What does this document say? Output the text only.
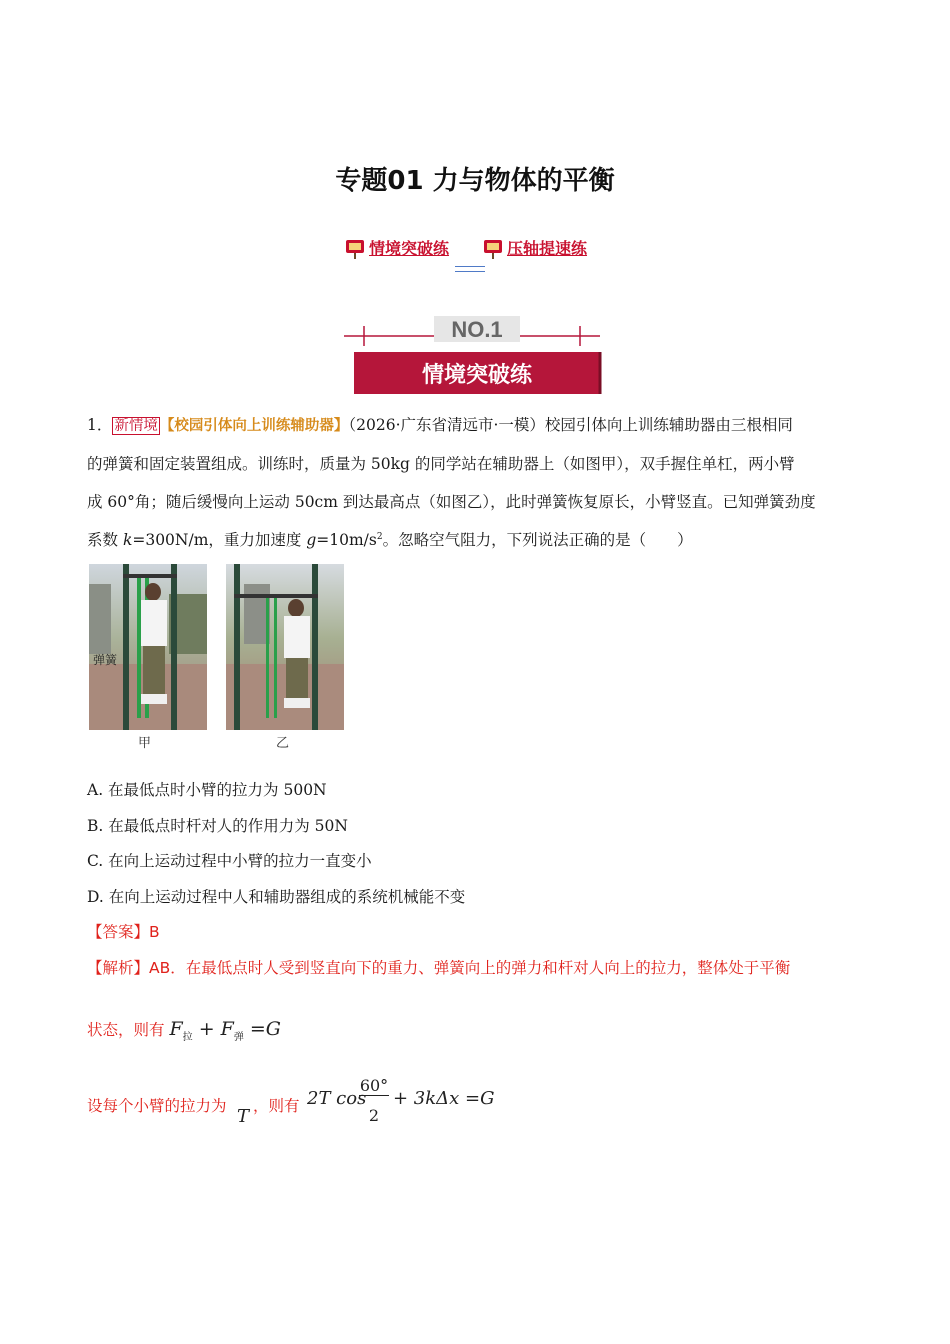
专题01 力与物体的平衡
情境突破练	压轴提速练
NO.1
情境突破练
1． 新情境 【校园引体向上训练辅助器】（2026·广东省清远市·一模）校园引体向上训练辅助器由三根相同
的弹簧和固定装置组成。训练时，质量为 50kg 的同学站在辅助器上（如图甲），双手握住单杠，两小臂
成 60°角；随后缓慢向上运动 50cm 到达最高点（如图乙），此时弹簧恢复原长，小臂竖直。已知弹簧劲度
系数 k=300N/m，重力加速度 $g=10m/s^2$。忽略空气阻力，下列说法正确的是（　　）
弹簧
甲	乙
A. 在最低点时小臂的拉力为 500N
B. 在最低点时杆对人的作用力为 50N
C. 在向上运动过程中小臂的拉力一直变小
D. 在向上运动过程中人和辅助器组成的系统机械能不变
【答案】B
【解析】AB．在最低点时人受到竖直向下的重力、弹簧向上的弹力和杆对人向上的拉力，整体处于平衡
状态，则有 $F_拉 + F_弹 =G$
设每个小臂的拉力为 T ，则有 2T cos
60°
2
+ 3kΔx =G
